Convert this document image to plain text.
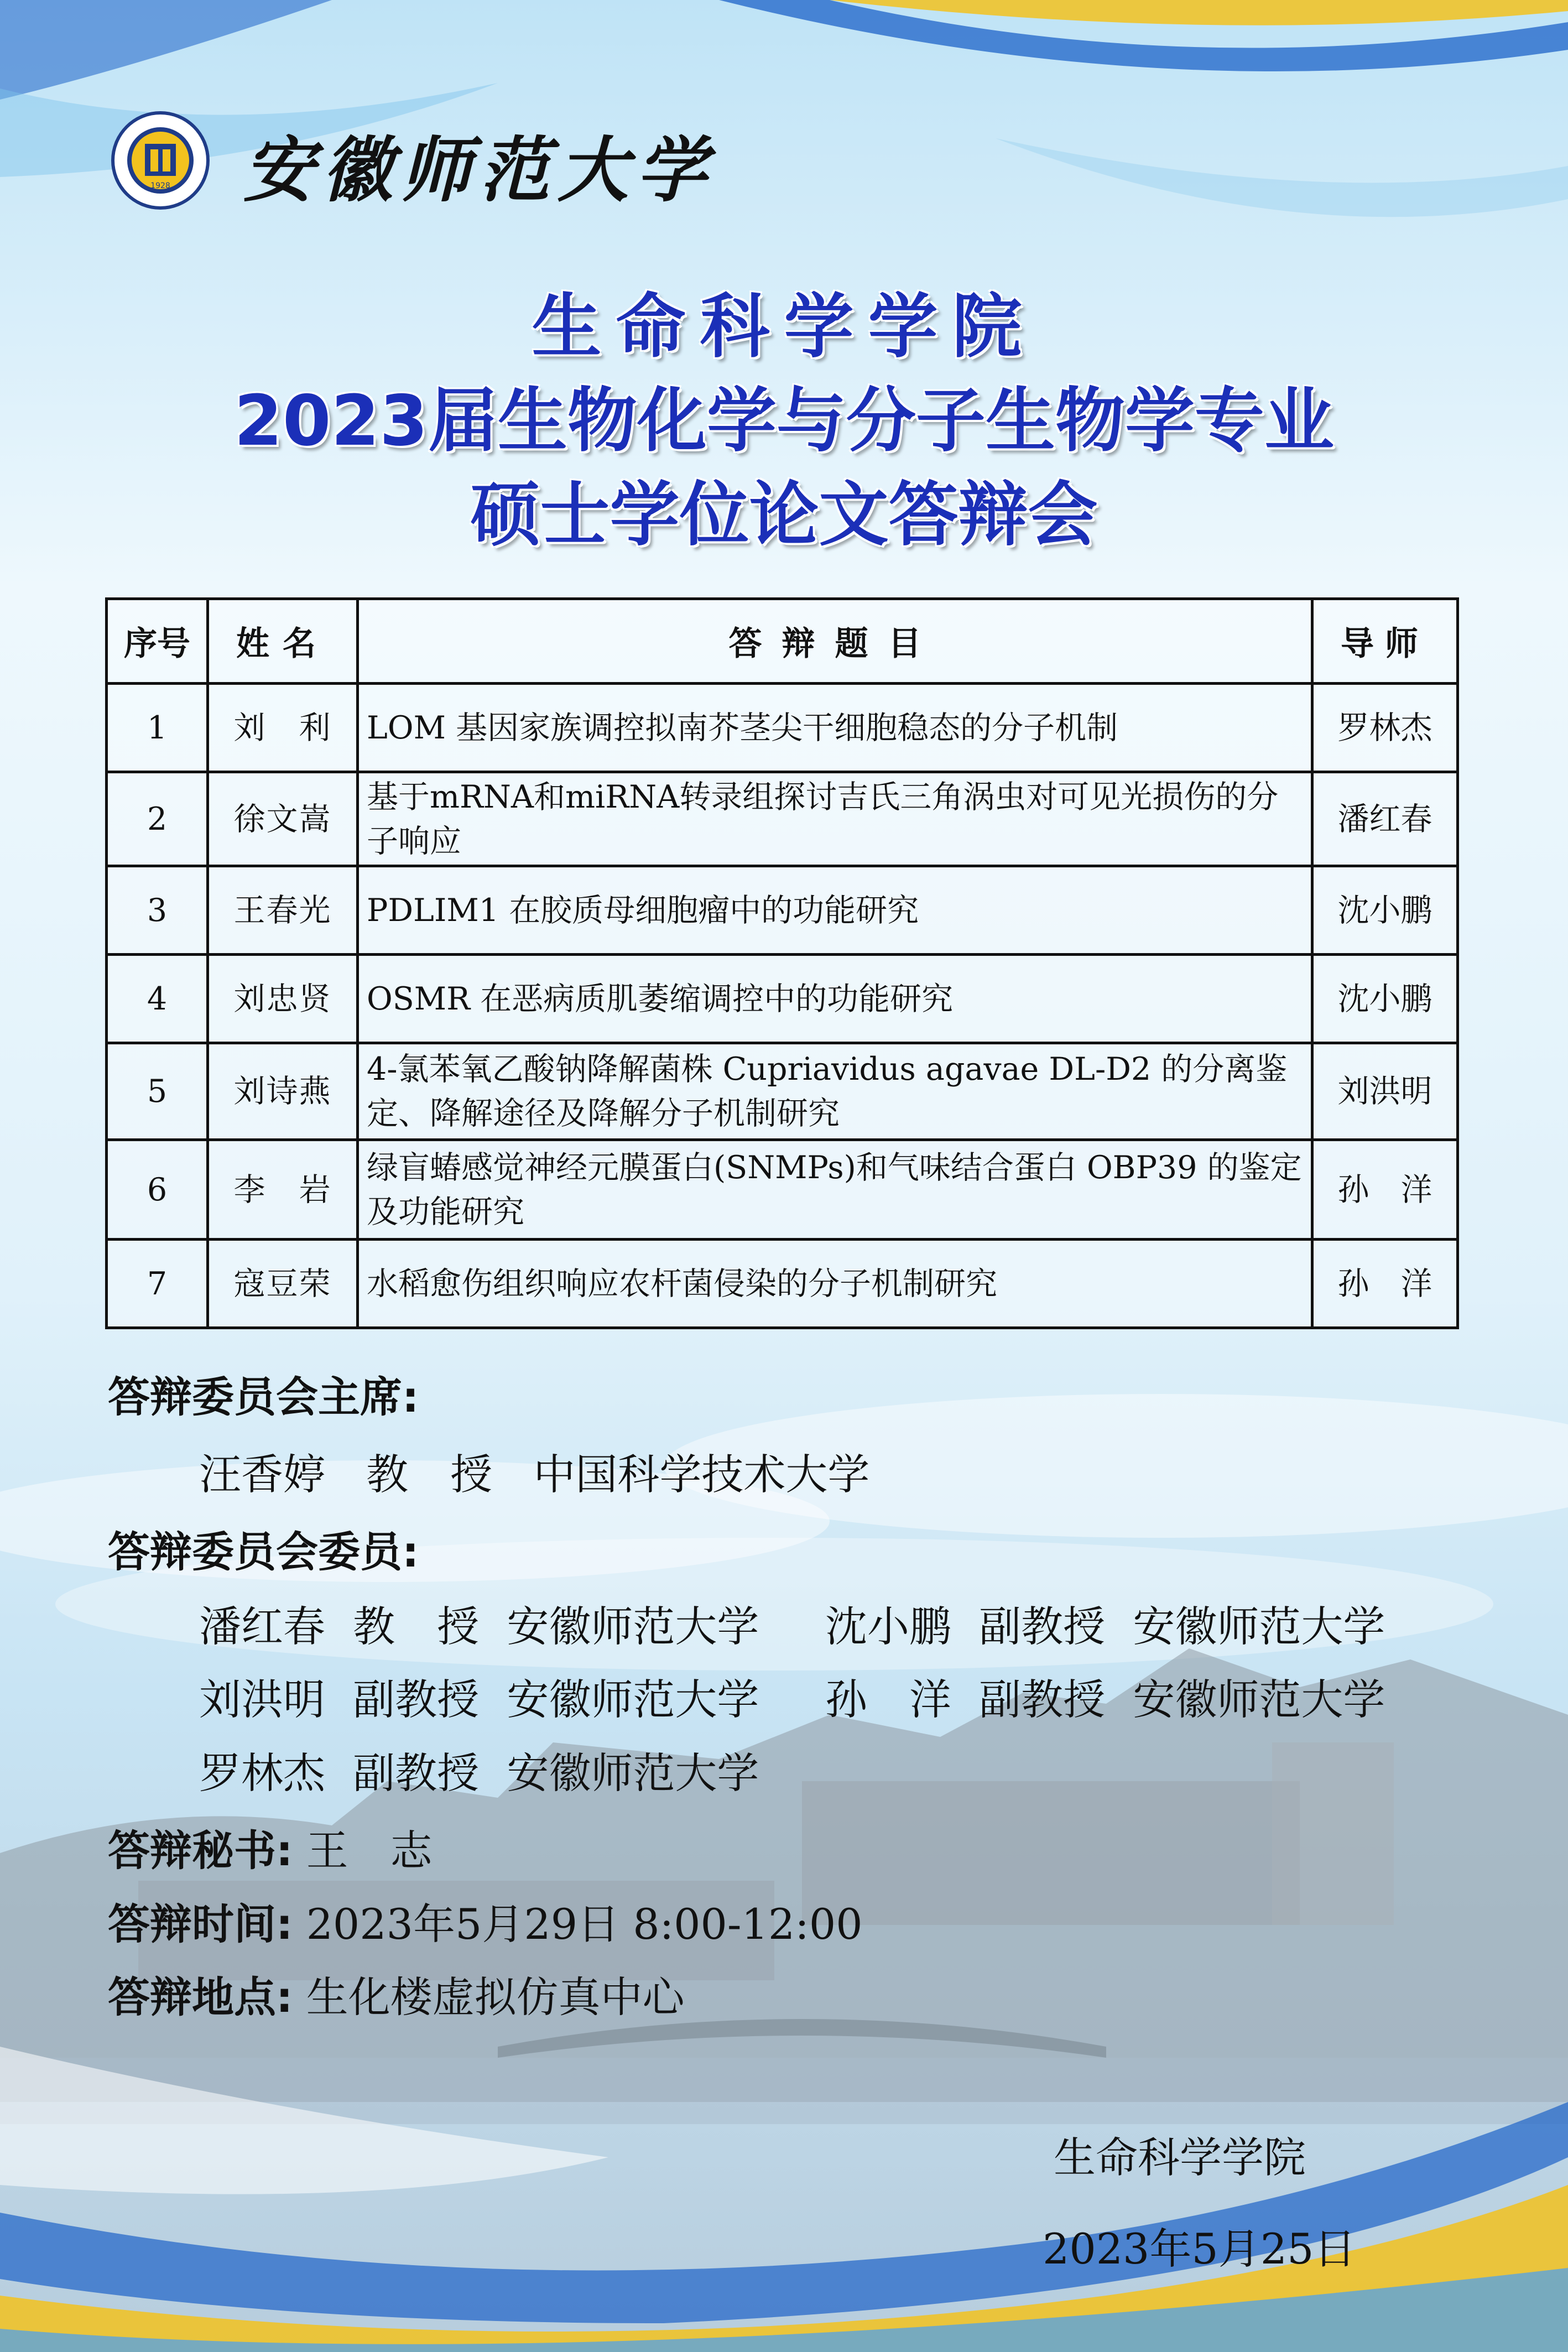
1928 安徽师范大学
生命科学学院
2023届生物化学与分子生物学专业
硕士学位论文答辩会
序号	姓名	答辩题目	导师
1	刘　利	LOM 基因家族调控拟南芥茎尖干细胞稳态的分子机制	罗林杰
2	徐文嵩	基于mRNA和miRNA转录组探讨吉氏三角涡虫对可见光损伤的分子响应	潘红春
3	王春光	PDLIM1 在胶质母细胞瘤中的功能研究	沈小鹏
4	刘忠贤	OSMR 在恶病质肌萎缩调控中的功能研究	沈小鹏
5	刘诗燕	4-氯苯氧乙酸钠降解菌株 Cupriavidus agavae DL-D2 的分离鉴定、降解途径及降解分子机制研究	刘洪明
6	李　岩	绿盲蝽感觉神经元膜蛋白(SNMPs)和气味结合蛋白 OBP39 的鉴定及功能研究	孙　洋
7	寇豆荣	水稻愈伤组织响应农杆菌侵染的分子机制研究	孙　洋
答辩委员会主席:
汪香婷 教　授 中国科学技术大学
答辩委员会委员:
潘红春 教　授 安徽师范大学 沈小鹏 副教授 安徽师范大学
刘洪明 副教授 安徽师范大学 孙　洋 副教授 安徽师范大学
罗林杰 副教授 安徽师范大学
答辩秘书: 王　志
答辩时间: 2023年5月29日 8:00-12:00
答辩地点: 生化楼虚拟仿真中心
生命科学学院
2023年5月25日
